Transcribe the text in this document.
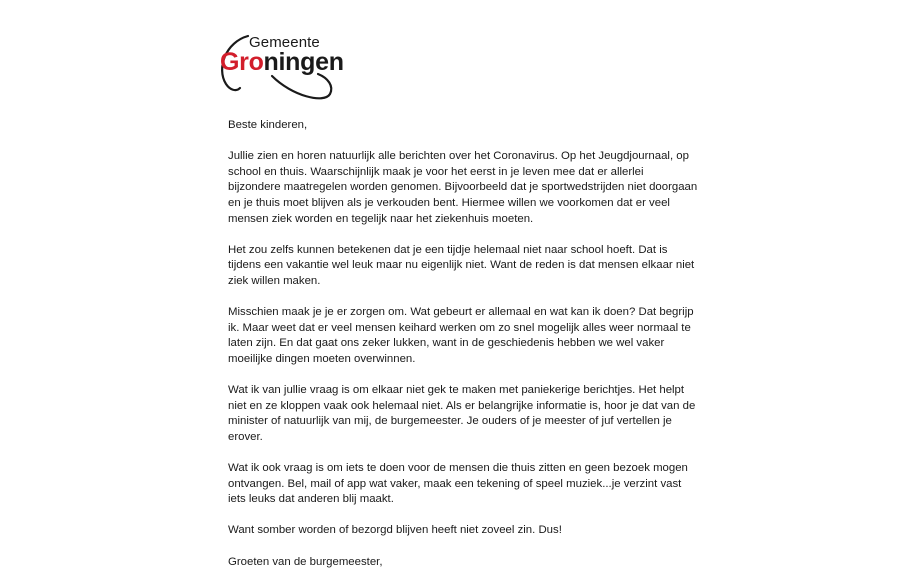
Gemeente
Groningen

Beste kinderen,

Jullie zien en horen natuurlijk alle berichten over het Coronavirus. Op het Jeugdjournaal, op school en thuis. Waarschijnlijk maak je voor het eerst in je leven mee dat er allerlei bijzondere maatregelen worden genomen. Bijvoorbeeld dat je sportwedstrijden niet doorgaan en je thuis moet blijven als je verkouden bent. Hiermee willen we voorkomen dat er veel mensen ziek worden en tegelijk naar het ziekenhuis moeten.

Het zou zelfs kunnen betekenen dat je een tijdje helemaal niet naar school hoeft. Dat is tijdens een vakantie wel leuk maar nu eigenlijk niet. Want de reden is dat mensen elkaar niet ziek willen maken.

Misschien maak je je er zorgen om. Wat gebeurt er allemaal en wat kan ik doen? Dat begrijp ik. Maar weet dat er veel mensen keihard werken om zo snel mogelijk alles weer normaal te laten zijn. En dat gaat ons zeker lukken, want in de geschiedenis hebben we wel vaker moeilijke dingen moeten overwinnen.

Wat ik van jullie vraag is om elkaar niet gek te maken met paniekerige berichtjes. Het helpt niet en ze kloppen vaak ook helemaal niet. Als er belangrijke informatie is, hoor je dat van de minister of natuurlijk van mij, de burgemeester. Je ouders of je meester of juf vertellen je erover.

Wat ik ook vraag is om iets te doen voor de mensen die thuis zitten en geen bezoek mogen ontvangen. Bel, mail of app wat vaker, maak een tekening of speel muziek...je verzint vast iets leuks dat anderen blij maakt.

Want somber worden of bezorgd blijven heeft niet zoveel zin. Dus!

Groeten van de burgemeester,
